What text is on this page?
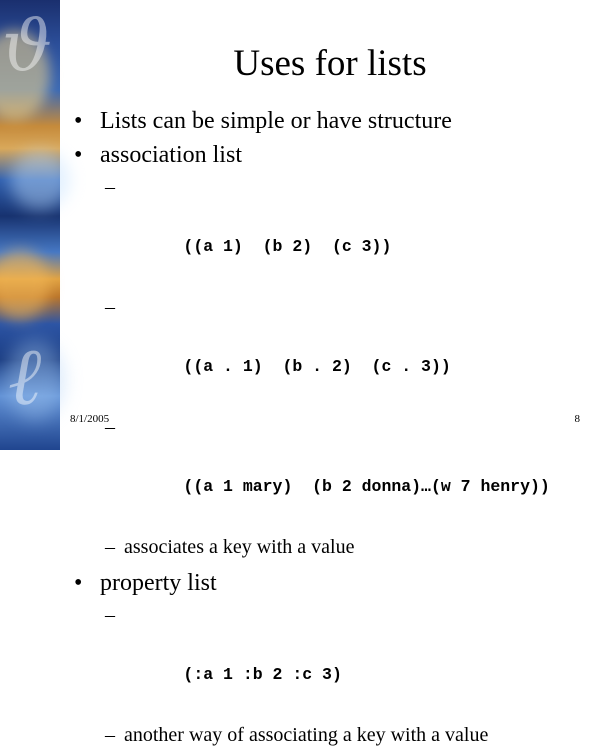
ϑ
ℓ
Uses for lists
• Lists can be simple or have structure
• association list

–

((a 1)  (b 2)  (c 3))

–

((a . 1)  (b . 2)  (c . 3))

–

((a 1 mary)  (b 2 donna)…(w 7 henry))

– associates a key with a value
• property list

–

(:a 1 :b 2 :c 3)

– another way of associating a key with a value
8/1/2005	8
